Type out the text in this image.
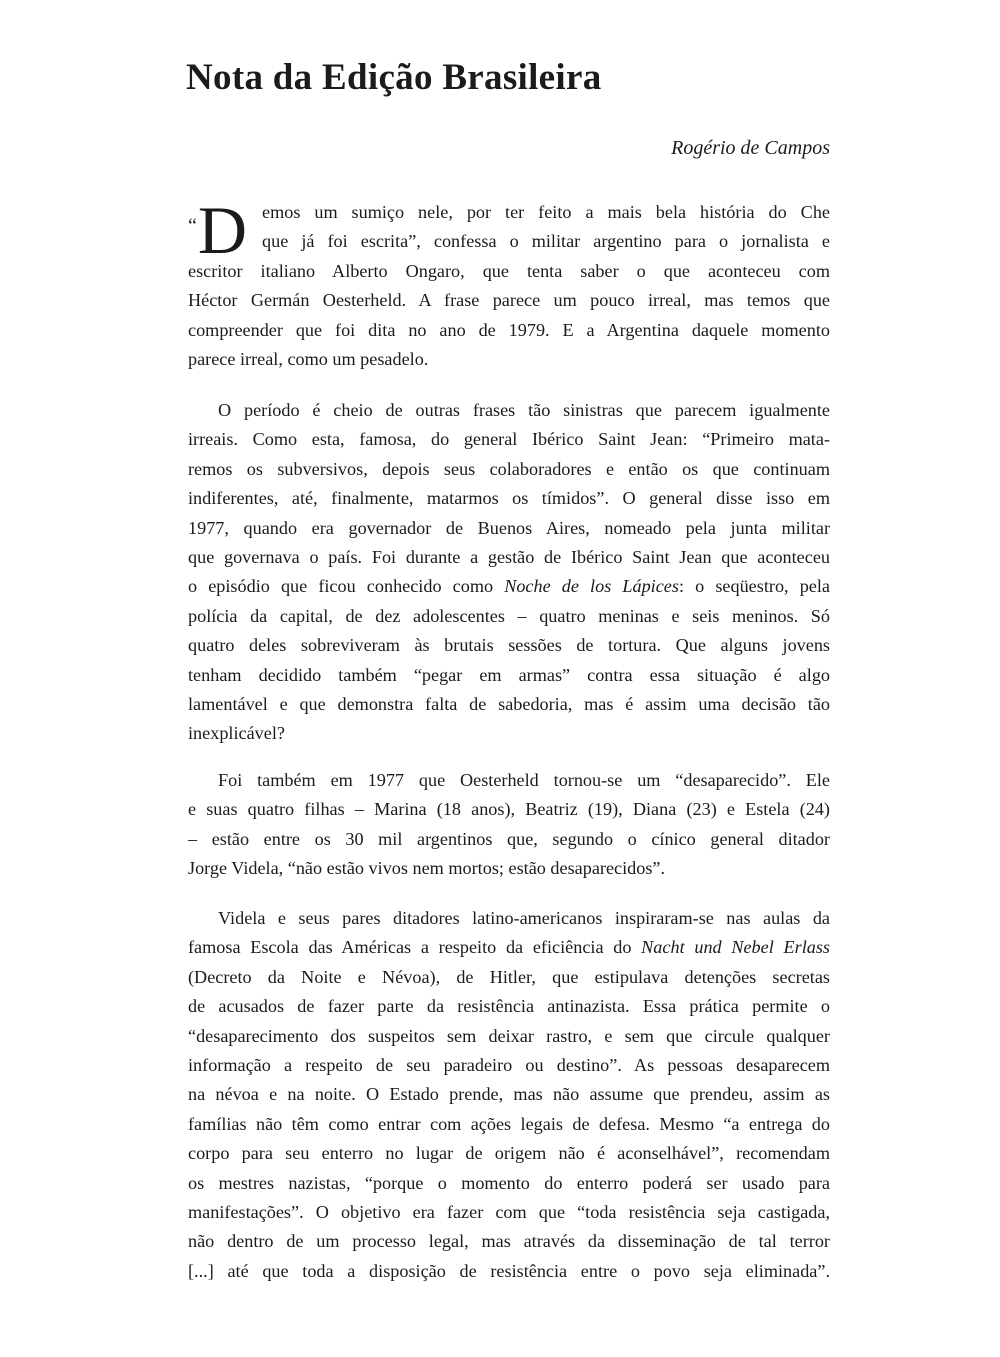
Nota da Edição Brasileira
Rogério de Campos
“D emos um sumiço nele, por ter feito a mais bela história do Che
que já foi escrita”, confessa o militar argentino para o jornalista e
escritor italiano Alberto Ongaro, que tenta saber o que aconteceu com
Héctor Germán Oesterheld. A frase parece um pouco irreal, mas temos que
compreender que foi dita no ano de 1979. E a Argentina daquele momento
parece irreal, como um pesadelo.
O período é cheio de outras frases tão sinistras que parecem igualmente
irreais. Como esta, famosa, do general Ibérico Saint Jean: “Primeiro mata-
remos os subversivos, depois seus colaboradores e então os que continuam
indiferentes, até, finalmente, matarmos os tímidos”. O general disse isso em
1977, quando era governador de Buenos Aires, nomeado pela junta militar
que governava o país. Foi durante a gestão de Ibérico Saint Jean que aconteceu
o episódio que ficou conhecido como Noche de los Lápices: o seqüestro, pela
polícia da capital, de dez adolescentes – quatro meninas e seis meninos. Só
quatro deles sobreviveram às brutais sessões de tortura. Que alguns jovens
tenham decidido também “pegar em armas” contra essa situação é algo
lamentável e que demonstra falta de sabedoria, mas é assim uma decisão tão
inexplicável?
Foi também em 1977 que Oesterheld tornou-se um “desaparecido”. Ele
e suas quatro filhas – Marina (18 anos), Beatriz (19), Diana (23) e Estela (24)
– estão entre os 30 mil argentinos que, segundo o cínico general ditador
Jorge Videla, “não estão vivos nem mortos; estão desaparecidos”.
Videla e seus pares ditadores latino-americanos inspiraram-se nas aulas da
famosa Escola das Américas a respeito da eficiência do Nacht und Nebel Erlass
(Decreto da Noite e Névoa), de Hitler, que estipulava detenções secretas
de acusados de fazer parte da resistência antinazista. Essa prática permite o
“desaparecimento dos suspeitos sem deixar rastro, e sem que circule qualquer
informação a respeito de seu paradeiro ou destino”. As pessoas desaparecem
na névoa e na noite. O Estado prende, mas não assume que prendeu, assim as
famílias não têm como entrar com ações legais de defesa. Mesmo “a entrega do
corpo para seu enterro no lugar de origem não é aconselhável”, recomendam
os mestres nazistas, “porque o momento do enterro poderá ser usado para
manifestações”. O objetivo era fazer com que “toda resistência seja castigada,
não dentro de um processo legal, mas através da disseminação de tal terror
[...] até que toda a disposição de resistência entre o povo seja eliminada”.
